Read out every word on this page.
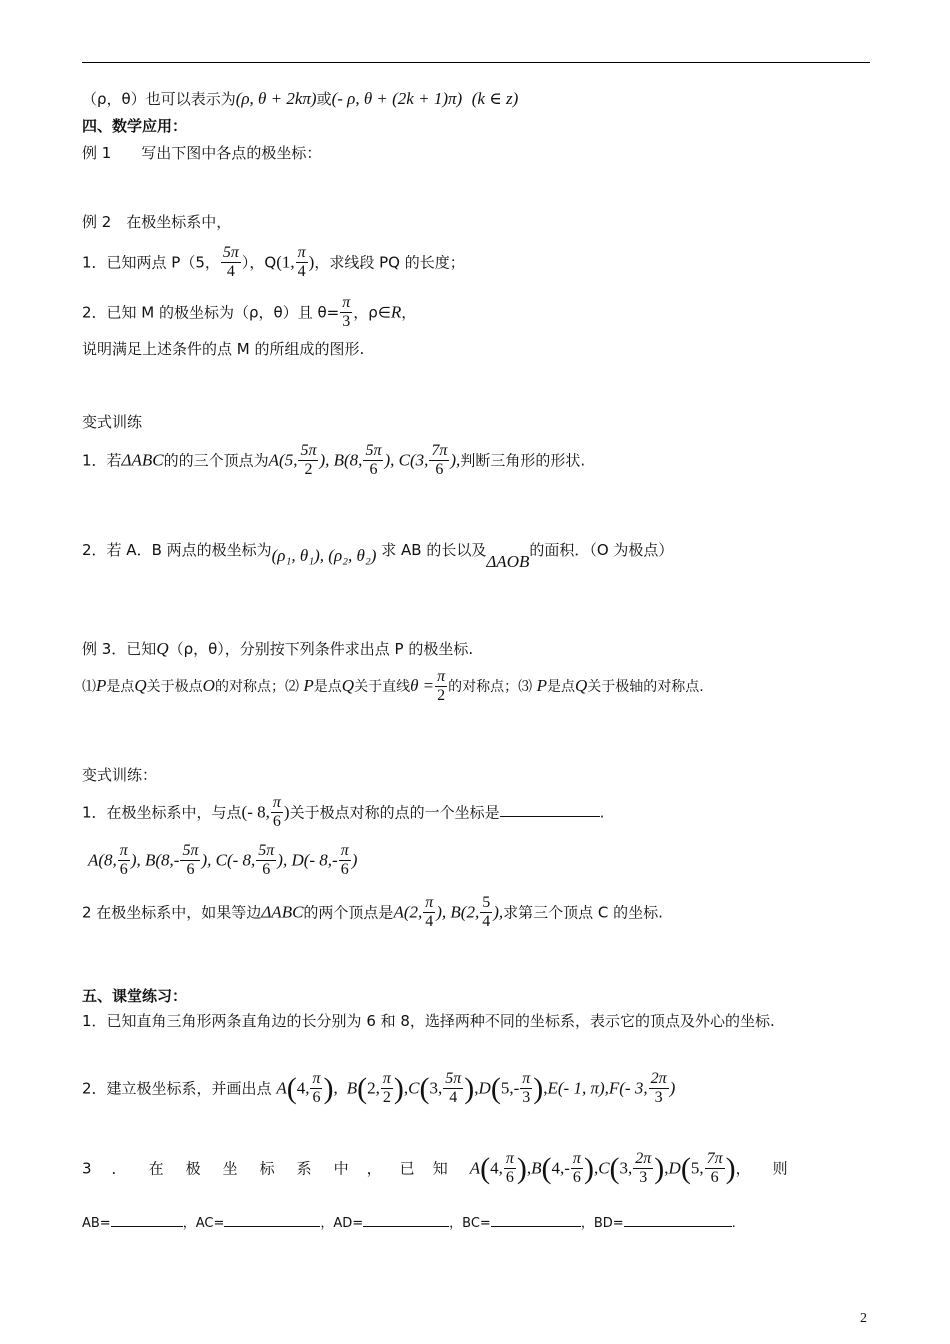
（ρ，θ）也可以表示为(ρ, θ + 2kπ)或(- ρ, θ + (2k + 1)π) (k ∈ z)
四、数学应用：
例 1　　写出下图中各点的极坐标：
例 2　在极坐标系中，
1．已知两点 P（5， $\frac{5\pi}{4}$ ），Q(1, $\frac{\pi}{4}$ )，求线段 PQ 的长度；
2．已知 M 的极坐标为（ρ，θ）且 $\theta= \frac{\pi}{3}$ ，ρ∈R，
说明满足上述条件的点 M 的所组成的图形.
变式训练
1．若ΔABC的的三个顶点为A(5, $\frac{5\pi}{2}$ ), B(8, $\frac{5\pi}{6}$ ), C(3, $\frac{7\pi}{6}$ ),判断三角形的形状.
2．若 A．B 两点的极坐标为(ρ₁, θ₁), (ρ₂, θ₂) 求 AB 的长以及ΔAOB的面积．（O 为极点）
例 3．已知Q（ρ，θ），分别按下列条件求出点 P 的极坐标.
⑴P是点Q关于极点O的对称点；⑵ P是点Q关于直线$\theta = \frac{\pi}{2}$ 的对称点；⑶ P是点Q关于极轴的对称点.
变式训练：
1．在极坐标系中，与点(- 8, $\frac{\pi}{6}$ )关于极点对称的点的一个坐标是	.
A(8, $\frac{\pi}{6}$ ), $B(8,- \frac{5\pi}{6}$ ), C(- 8, $\frac{5\pi}{6}$ ), D(- $8,- \frac{\pi}{6}$ )
2 在极坐标系中，如果等边ΔABC的两个顶点是A(2, $\frac{\pi}{4}$ ), B(2, $\frac{5}{4}$ ),求第三个顶点 C 的坐标.
五、课堂练习：
1．已知直角三角形两条直角边的长分别为 6 和 8，选择两种不同的坐标系，表示它的顶点及外心的坐标.
2．建立极坐标系，并画出点 A(4, $\frac{\pi}{6}$ ),  B(2, $\frac{\pi}{2} ),C(3$, $\frac{5\pi}{4} ),D(5,- \frac{\pi}{3} ),E(-$ 1, π),F(- 3, $\frac{2\pi}{3}$ )
3 ． 在 极 坐 标 系 中 ， 已 知 A(4, $\frac{\pi}{6} ),B(4,- \frac{\pi}{6} ),C(3$, $\frac{2\pi}{3} ),D(5$, $\frac{7\pi}{6}$ )， 则
AB=	，AC=	，AD=	，BC=	，BD=	.
2
